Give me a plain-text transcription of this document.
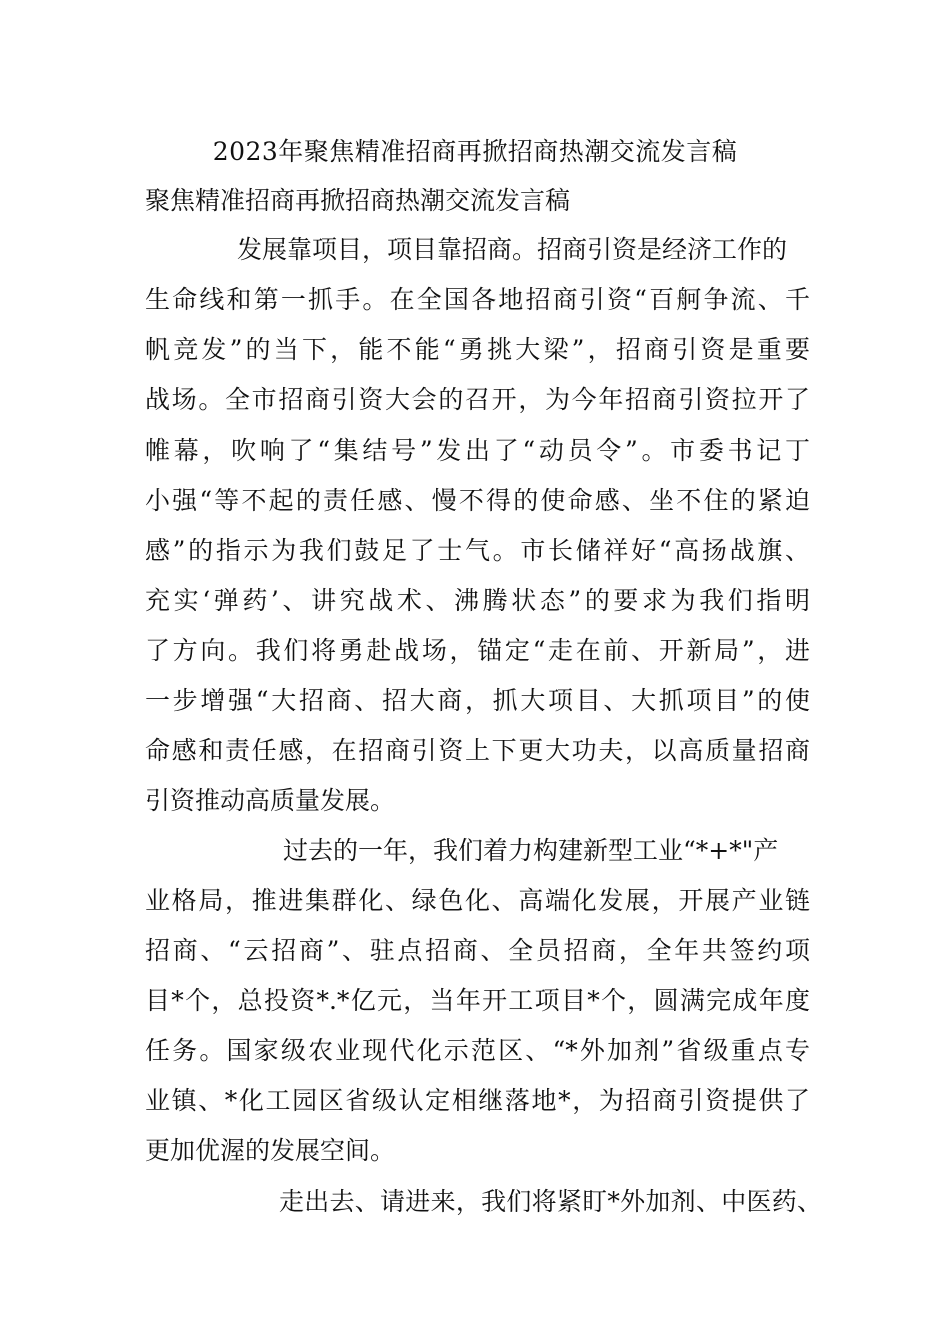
2023年聚焦精准招商再掀招商热潮交流发言稿
聚焦精准招商再掀招商热潮交流发言稿
发展靠项目，项目靠招商。招商引资是经济工作的
生命线和第一抓手。在全国各地招商引资“百舸争流、千
帆竞发”的当下，能不能“勇挑大梁”，招商引资是重要
战场。全市招商引资大会的召开，为今年招商引资拉开了
帷幕，吹响了“集结号”发出了“动员令”。市委书记丁
小强“等不起的责任感、慢不得的使命感、坐不住的紧迫
感”的指示为我们鼓足了士气。市长储祥好“高扬战旗、
充实‘弹药’、讲究战术、沸腾状态”的要求为我们指明
了方向。我们将勇赴战场，锚定“走在前、开新局”，进
一步增强“大招商、招大商，抓大项目、大抓项目”的使
命感和责任感，在招商引资上下更大功夫，以高质量招商
引资推动高质量发展。
过去的一年，我们着力构建新型工业“*+*"产
业格局，推进集群化、绿色化、高端化发展，开展产业链
招商、“云招商”、驻点招商、全员招商，全年共签约项
目*个，总投资*.*亿元，当年开工项目*个，圆满完成年度
任务。国家级农业现代化示范区、“*外加剂”省级重点专
业镇、*化工园区省级认定相继落地*，为招商引资提供了
更加优渥的发展空间。
走出去、请进来，我们将紧盯*外加剂、中医药、
